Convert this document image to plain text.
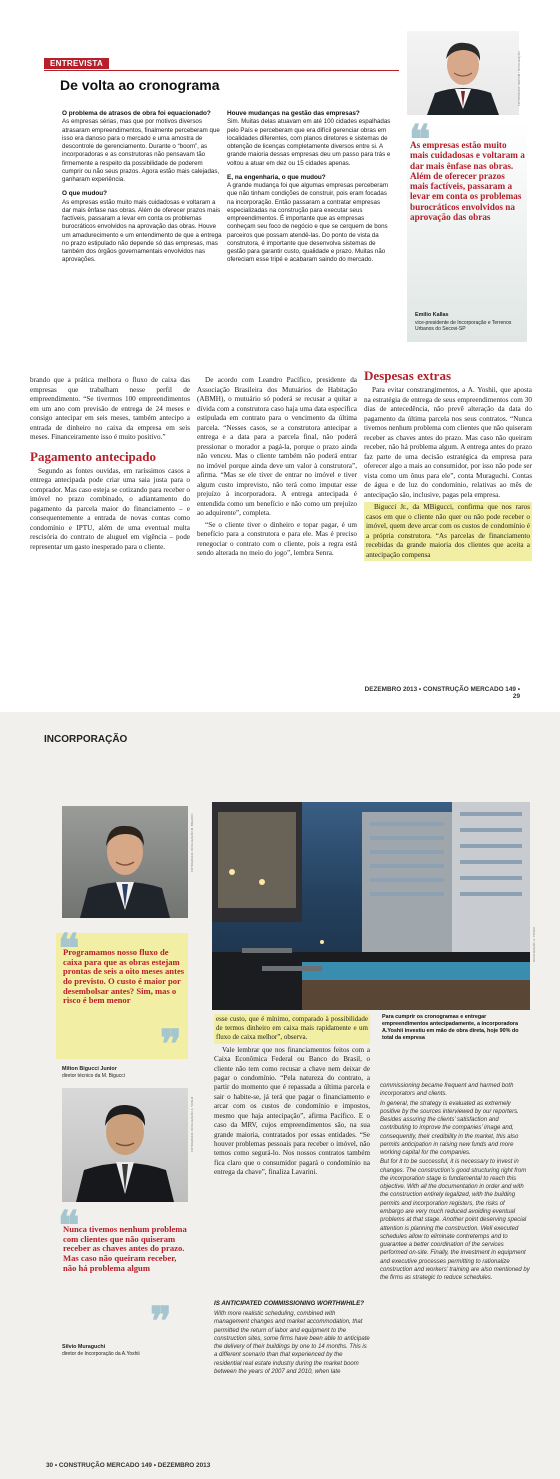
ENTREVISTA
De volta ao cronograma	FOTOGRAFIA: DECOM • DIVULGAÇÃO

O problema de atrasos de obra foi equacionado?

As empresas sérias, mas que por motivos diversos atrasaram empreendimentos, finalmente perceberam que isso era danoso para o mercado e uma amostra de descontrole de gerenciamento. Durante o “boom”, as incorporadoras e as construtoras não pensavam tão firmemente a respeito da possibilidade de poderem cumprir ou não seus prazos. Agora estão mais calejadas, ganharam experiência.

O que mudou?

As empresas estão muito mais cuidadosas e voltaram a dar mais ênfase nas obras. Além de oferecer prazos mais factíveis, passaram a levar em conta os problemas burocráticos envolvidos na aprovação das obras. Houve um amadurecimento e um entendimento de que a entrega no prazo estipulado não depende só das empresas, mas também dos órgãos governamentais envolvidos nas aprovações.

Houve mudanças na gestão das empresas?

Sim. Muitas delas atuavam em até 100 cidades espalhadas pelo País e perceberam que era difícil gerenciar obras em localidades diferentes, com planos diretores e sistemas de obtenção de licenças completamente diversos entre si. A grande maioria dessas empresas deu um passo para trás e voltou a atuar em dez ou 15 cidades apenas.

E, na engenharia, o que mudou?

A grande mudança foi que algumas empresas perceberam que não tinham condições de construir, pois eram focadas na incorporação. Então passaram a contratar empresas especializadas na construção para executar seus empreendimentos. É importante que as empresas conheçam seu foco de negócio e que se cerquem de bons parceiros que possam atendê-las. Do ponto de vista da construtora, é importante que desenvolva sistemas de gestão para garantir custo, qualidade e prazo. Muitas não ofereciam esse tripé e acabaram saindo do mercado.

❝
As empresas estão muito mais cuidadosas e voltaram a dar mais ênfase nas obras. Além de oferecer prazos mais factíveis, passaram a levar em conta os problemas burocráticos envolvidos na aprovação das obras
Emilio Kallas
vice-presidente de Incorporação e Terrenos Urbanos do Secovi-SP

brando que a prática melhora o fluxo de caixa das empresas que trabalham nesse perfil de empreendimento. “Se tivermos 100 empreendimentos em um ano com previsão de entrega de 24 meses e consigo antecipar em seis meses, também antecipo a entrada de dinheiro no caixa da empresa em seis meses. Financeiramente isso é muito positivo.”

Pagamento antecipado

Segundo as fontes ouvidas, em raríssimos casos a entrega antecipada pode criar uma saia justa para o comprador. Mas caso esteja se cotizando para receber o imóvel no prazo combinado, o adiantamento do pagamento da parcela maior do financiamento – e consequentemente a entrada de novas contas como condomínio e IPTU, além de uma eventual multa rescisória do contrato de aluguel em vigência – pode representar um gasto inesperado para o cliente.

De acordo com Leandro Pacífico, presidente da Associação Brasileira dos Mutuários de Habitação (ABMH), o mutuário só poderá se recusar a quitar a dívida com a construtora caso haja uma data específica estipulada em contrato para o vencimento da última parcela. “Nesses casos, se a construtora antecipar a entrega e a data para a parcela final, não poderá pressionar o morador a pagá-la, porque o prazo ainda não venceu. Mas o cliente também não poderá entrar no imóvel porque ainda deve um valor à construtora”, afirma. “Mas se ele tiver de entrar no imóvel e tiver algum custo imprevisto, não terá como imputar esse prejuízo à incorporadora. A entrega antecipada é entendida como um benefício e não como um prejuízo ao adquirente”, completa.

“Se o cliente tiver o dinheiro e topar pagar, é um benefício para a construtora e para ele. Mas é preciso renegociar o contrato com o cliente, pois a regra está sendo alterada no meio do jogo”, lembra Senra.

Despesas extras

Para evitar constrangimentos, a A. Yoshii, que aposta na estratégia de entrega de seus empreendimentos com 30 dias de antecedência, não prevê alteração da data do pagamento da última parcela nos seus contratos. “Nunca tivemos nenhum problema com clientes que não quiseram receber as chaves antes do prazo. Mas caso não queiram receber, não há problema algum. A entrega antes do prazo faz parte de uma decisão estratégica da empresa para oferecer algo a mais ao consumidor, por isso não pode ser vista como um ônus para ele”, conta Muraguchi. Contas de água e de luz do condomínio, relativas ao mês de antecipação são, inclusive, pagas pela empresa.

Bigucci Jr., da MBigucci, confirma que nos raros casos em que o cliente não quer ou não pode receber o imóvel, quem deve arcar com os custos de condomínio é a própria construtora. “As parcelas de financiamento recebidas da grande maioria dos clientes que aceita a antecipação compensa

DEZEMBRO 2013 • CONSTRUÇÃO MERCADO 149 • 29
INCORPORAÇÃO
FOTOGRAFIA: DIVULGAÇÃO M. BIGUCCI
❝
Programamos nosso fluxo de caixa para que as obras estejam prontas de seis a oito meses antes do previsto. O custo é maior por desembolsar antes? Sim, mas o risco é bem menor
❞
Milton Bigucci Junior
diretor técnico da M. Bigucci
FOTOGRAFIA: DIVULGAÇÃO A. YOSHII
❝
Nunca tivemos nenhum problema com clientes que não quiseram receber as chaves antes do prazo. Mas caso não queiram receber, não há problema algum
❞
Silvio Muraguchi
diretor de Incorporação da A.Yoshii
DIVULGAÇÃO: A. YOSHII
Para cumprir os cronogramas e entregar empreendimentos antecipadamente, a incorporadora A.Yoshii investiu em mão de obra direta, hoje 90% do total da empresa

esse custo, que é mínimo, comparado à possibilidade de termos dinheiro em caixa mais rapidamente e um fluxo de caixa melhor”, observa.

Vale lembrar que nos financiamentos feitos com a Caixa Econômica Federal ou Banco do Brasil, o cliente não tem como recusar a chave nem deixar de pagar o condomínio. “Pela natureza do contrato, a partir do momento que é repassada a última parcela e sair o habite-se, já terá que pagar o financiamento e arcar com os custos de condomínio e impostos, mesmo que haja antecipação”, afirma Pacífico. E o caso da MRV, cujos empreendimentos são, na sua grande maioria, contratados por essas entidades. “Se houver problemas pessoais para receber o imóvel, não temos como segurá-lo. Nos nossos contratos também fica claro que o consumidor pagará o condomínio na entrega da chave”, finaliza Lavarini.

IS ANTICIPATED COMMISSIONING WORTHWHILE?

With more realistic scheduling, combined with management changes and market accommodation, that permitted the return of labor and equipment to the construction sites, some firms have been able to anticipate the delivery of their buildings by one to 14 months. This is a different scenario than that experienced by the residential real estate industry during the market boom between the years of 2007 and 2010, when late

commissioning became frequent and harmed both incorporators and clients.

In general, the strategy is evaluated as extremely positive by the sources interviewed by our reporters. Besides assuring the clients’ satisfaction and contributing to improve the companies’ image and, consequently, their credibility in the market, this also permits anticipation in raising new funds and more working capital for the companies.

But for it to be successful, it is necessary to invest in changes. The construction’s good structuring right from the incorporation stage is fundamental to reach this objective. With all the documentation in order and with the construction entirely legalized, with the building permits and incorporation registers, the risks of embargo are very much reduced avoiding eventual problems at that stage. Another point deserving special attention is planning the construction. Well executed schedules allow to eliminate contretemps and to guarantee a better coordination of the services performed on-site. Finally, the investment in equipment and executive processes permitting to rationalize construction and workers’ training are also mentioned by the firms as strategic to reduce schedules.

30 • CONSTRUÇÃO MERCADO 149 • DEZEMBRO 2013
